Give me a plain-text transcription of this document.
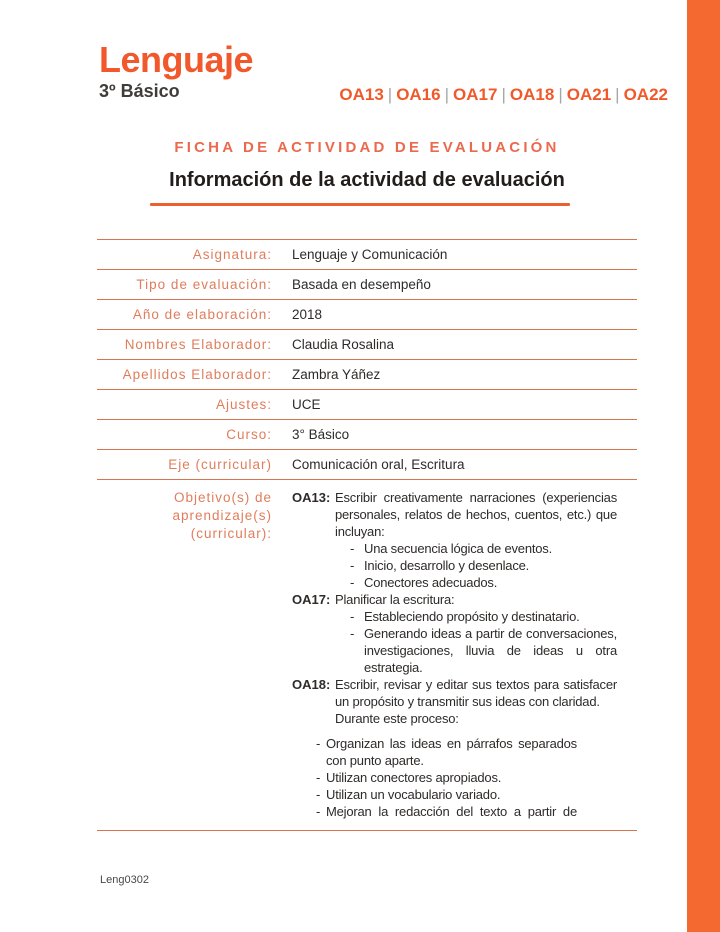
Lenguaje
3º Básico	OA13 | OA16 | OA17 | OA18 | OA21 | OA22
FICHA DE ACTIVIDAD DE EVALUACIÓN
Información de la actividad de evaluación
Asignatura:	Lenguaje y Comunicación
Tipo de evaluación:	Basada en desempeño
Año de elaboración:	2018
Nombres Elaborador:	Claudia Rosalina
Apellidos Elaborador:	Zambra Yáñez
Ajustes:	UCE
Curso:	3° Básico
Eje (curricular)	Comunicación oral, Escritura
Objetivo(s) de aprendizaje(s) (curricular):
OA13: Escribir creativamente narraciones (experiencias personales, relatos de hechos, cuentos, etc.) que incluyan:
- Una secuencia lógica de eventos.
- Inicio, desarrollo y desenlace.
- Conectores adecuados.
OA17: Planificar la escritura:
- Estableciendo propósito y destinatario.
- Generando ideas a partir de conversaciones, investigaciones, lluvia de ideas u otra estrategia.
OA18: Escribir, revisar y editar sus textos para satisfacer un propósito y transmitir sus ideas con claridad.
Durante este proceso:
- Organizan las ideas en párrafos separados con punto aparte.
- Utilizan conectores apropiados.
- Utilizan un vocabulario variado.
- Mejoran la redacción del texto a partir de
Leng0302
